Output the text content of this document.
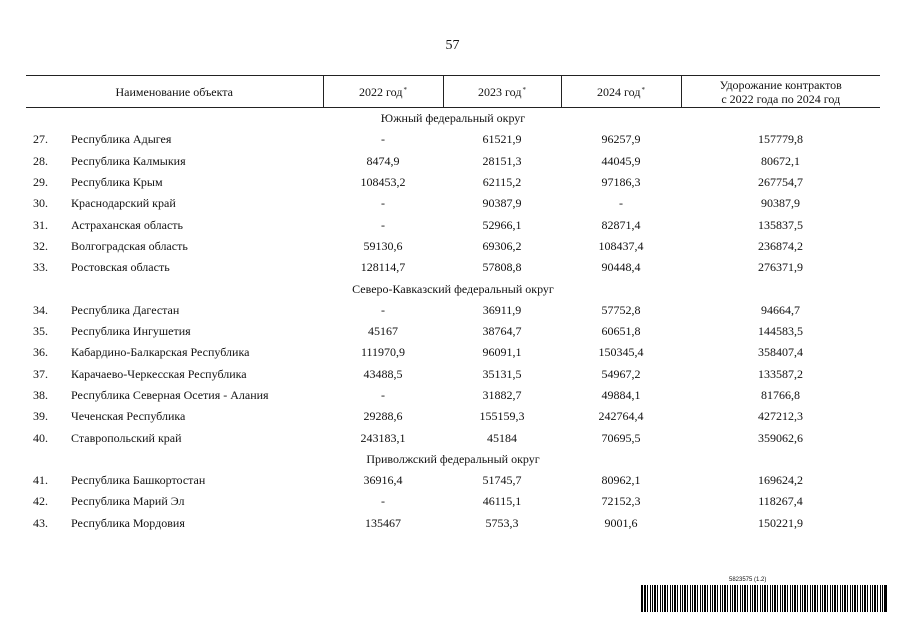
57
Наименование объекта	2022 год*	2023 год*	2024 год*	Удорожание контрактов
с 2022 года по 2024 год
Южный федеральный округ				
27. Республика Адыгея	-	61521,9	96257,9	157779,8
28. Республика Калмыкия	8474,9	28151,3	44045,9	80672,1
29. Республика Крым	108453,2	62115,2	97186,3	267754,7
30. Краснодарский край	-	90387,9	-	90387,9
31. Астраханская область	-	52966,1	82871,4	135837,5
32. Волгоградская область	59130,6	69306,2	108437,4	236874,2
33. Ростовская область	128114,7	57808,8	90448,4	276371,9
Северо-Кавказский федеральный округ				
34. Республика Дагестан	-	36911,9	57752,8	94664,7
35. Республика Ингушетия	45167	38764,7	60651,8	144583,5
36. Кабардино-Балкарская Республика	111970,9	96091,1	150345,4	358407,4
37. Карачаево-Черкесская Республика	43488,5	35131,5	54967,2	133587,2
38. Республика Северная Осетия - Алания	-	31882,7	49884,1	81766,8
39. Чеченская Республика	29288,6	155159,3	242764,4	427212,3
40. Ставропольский край	243183,1	45184	70695,5	359062,6
Приволжский федеральный округ				
41. Республика Башкортостан	36916,4	51745,7	80962,1	169624,2
42. Республика Марий Эл	-	46115,1	72152,3	118267,4
43. Республика Мордовия	135467	5753,3	9001,6	150221,9
5823575 (1.2)
